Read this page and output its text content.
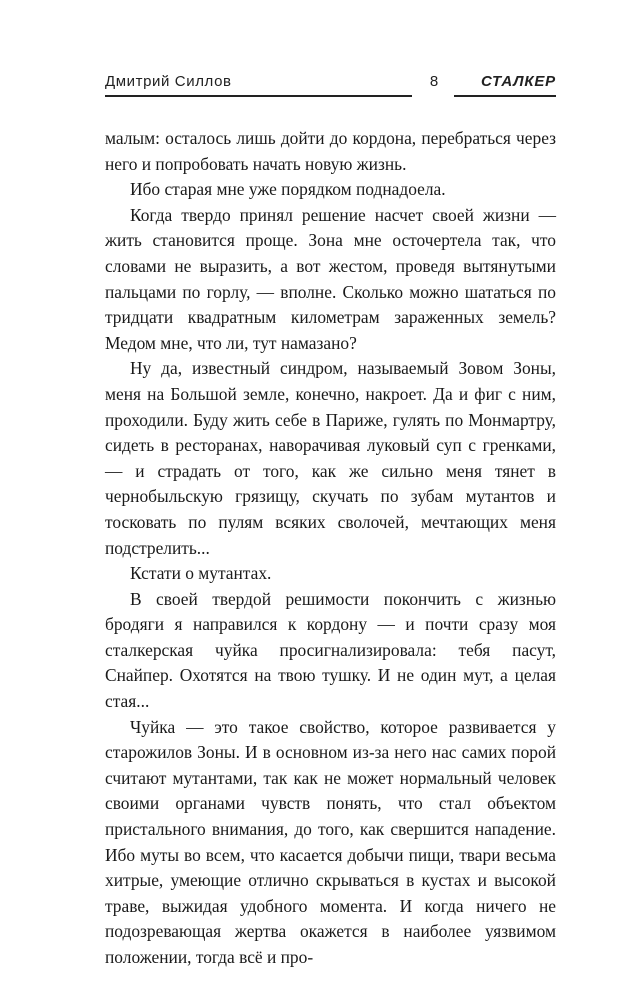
Дмитрий Силлов	8	СТАЛКЕР

малым: осталось лишь дойти до кордона, перебраться через него и попробовать начать новую жизнь.

Ибо старая мне уже порядком поднадоела.

Когда твердо принял решение насчет своей жизни — жить становится проще. Зона мне осточертела так, что словами не выразить, а вот жестом, проведя вытянутыми пальцами по горлу, — вполне. Сколько можно шататься по тридцати квадратным километрам зараженных земель? Медом мне, что ли, тут намазано?

Ну да, известный синдром, называемый Зовом Зоны, меня на Большой земле, конечно, накроет. Да и фиг с ним, проходили. Буду жить себе в Париже, гулять по Монмартру, сидеть в ресторанах, наворачивая луковый суп с гренками, — и страдать от того, как же сильно меня тянет в чернобыльскую грязищу, скучать по зубам мутантов и тосковать по пулям всяких сволочей, мечтающих меня подстрелить...

Кстати о мутантах.

В своей твердой решимости покончить с жизнью бродяги я направился к кордону — и почти сразу моя сталкерская чуйка просигнализировала: тебя пасут, Снайпер. Охотятся на твою тушку. И не один мут, а целая стая...

Чуйка — это такое свойство, которое развивается у старожилов Зоны. И в основном из-за него нас самих порой считают мутантами, так как не может нормальный человек своими органами чувств понять, что стал объектом пристального внимания, до того, как свершится нападение. Ибо муты во всем, что касается добычи пищи, твари весьма хитрые, умеющие отлично скрываться в кустах и высокой траве, выжидая удобного момента. И когда ничего не подозревающая жертва окажется в наиболее уязвимом положении, тогда всё и про-
